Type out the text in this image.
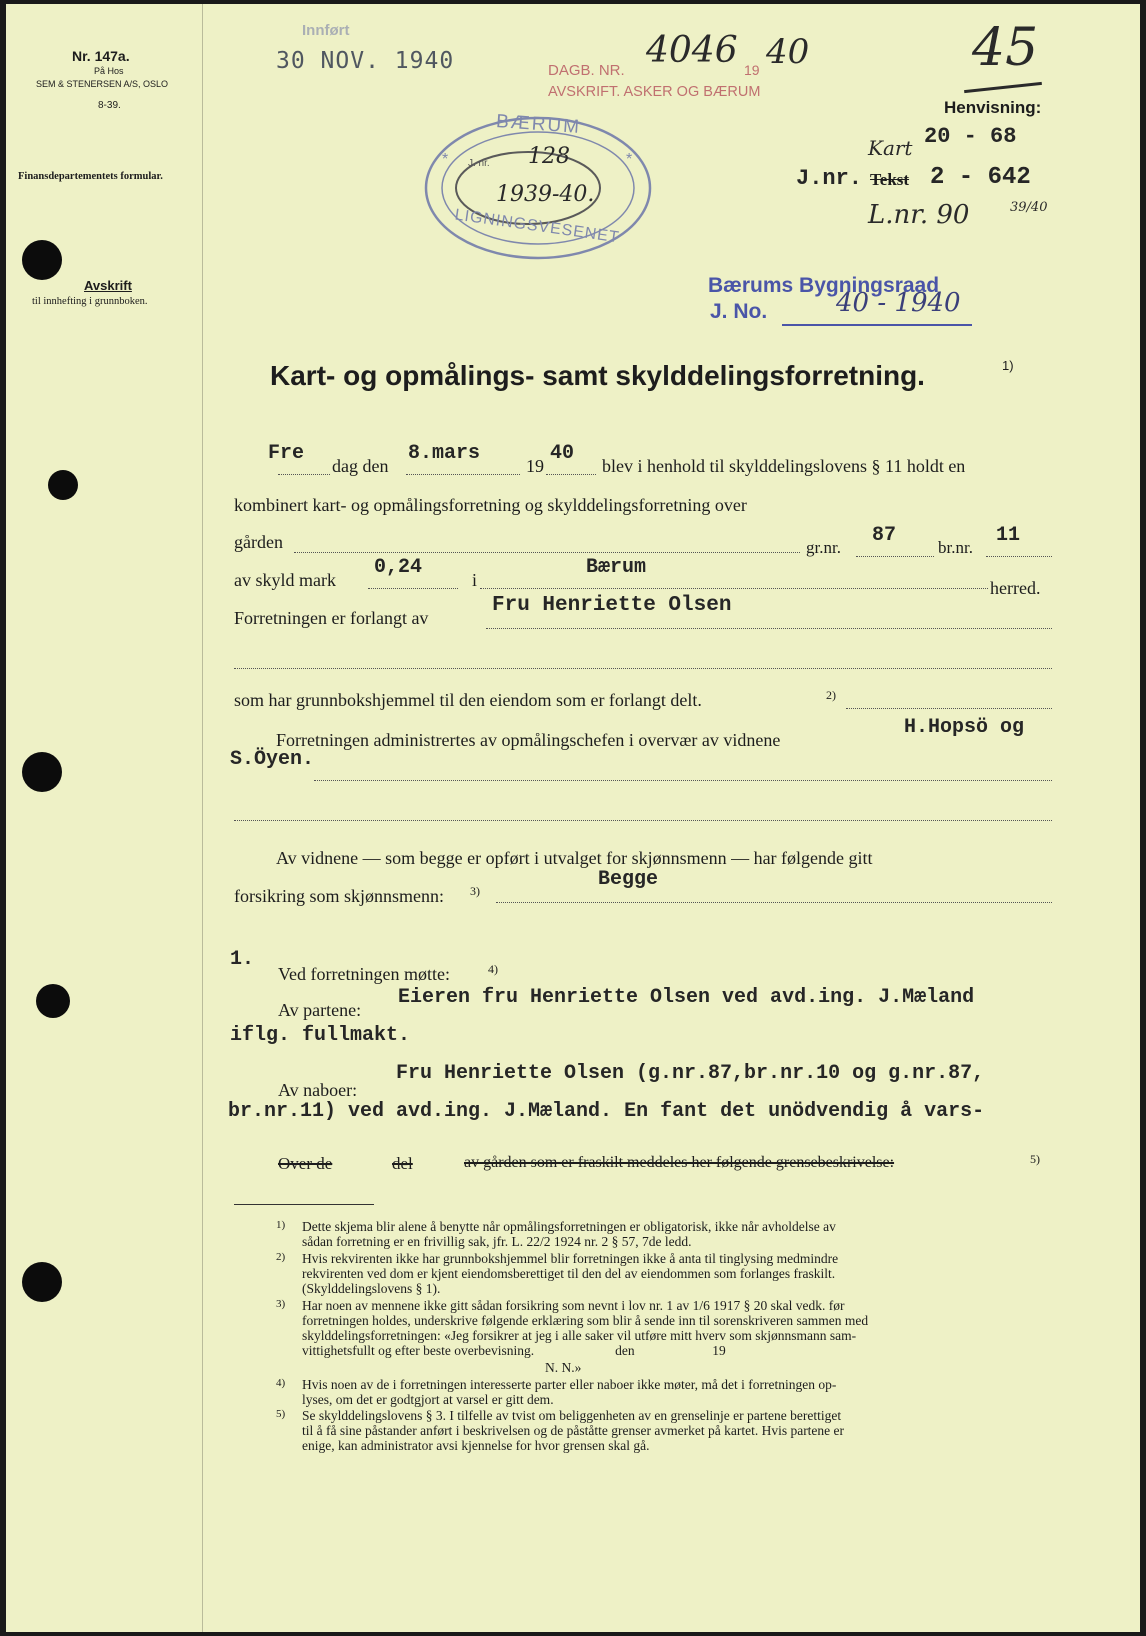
Nr. 147a.
På Hos
SEM & STENERSEN A/S, OSLO
8-39.
Finansdepartementets formular.
Avskrift
til innhefting i grunnboken.
Innført
30 NOV. 1940	DAGB. NR. 4046 19 40
AVSKRIFT. ASKER OG BÆRUM
*	*
BÆRUM
LIGNINGSVESENET
J. nr. 128
1939-40.
45
Henvisning:
Kart 20 - 68
J.nr. Tekst 2 - 642
L.nr. 90	39/40
Bærums Bygningsraad
J. No.	40 - 1940
Kart- og opmålings- samt skylddelingsforretning.	1)
Fre
dag den
8.mars
19
40
blev i henhold til skylddelingslovens § 11 holdt en
kombinert kart- og opmålingsforretning og skylddelingsforretning over
gården	87
gr.nr.
11
br.nr.
av skyld mark
0,24
i
Bærum
herred.
Forretningen er forlangt av
Fru Henriette Olsen
som har grunnbokshjemmel til den eiendom som er forlangt delt.	2)
Forretningen administrertes av opmålingschefen i overvær av vidnene
H.Hopsö og
S.Öyen.
Av vidnene — som begge er opført i utvalget for skjønnsmenn — har følgende gitt
forsikring som skjønnsmenn: 3)	Begge
1.
Ved forretningen møtte:	4)
Av partene:
Eieren fru Henriette Olsen ved avd.ing. J.Mæland
iflg. fullmakt.
Av naboer:
Fru Henriette Olsen (g.nr.87,br.nr.10 og g.nr.87,
br.nr.11) ved avd.ing. J.Mæland. En fant det unödvendig å vars-
Over de	del	av gården som er fraskilt meddeles her følgende grensebeskrivelse:	5)
1) Dette skjema blir alene å benytte når opmålingsforretningen er obligatorisk, ikke når avholdelse av
sådan forretning er en frivillig sak, jfr. L. 22/2 1924 nr. 2 § 57, 7de ledd.
2) Hvis rekvirenten ikke har grunnbokshjemmel blir forretningen ikke å anta til tinglysing medmindre
rekvirenten ved dom er kjent eiendomsberettiget til den del av eiendommen som forlanges fraskilt.
(Skylddelingslovens § 1).
3) Har noen av mennene ikke gitt sådan forsikring som nevnt i lov nr. 1 av 1/6 1917 § 20 skal vedk. før
forretningen holdes, underskrive følgende erklæring som blir å sende inn til sorenskriveren sammen med
skylddelingsforretningen: «Jeg forsikrer at jeg i alle saker vil utføre mitt hverv som skjønnsmann sam-
vittighetsfullt og efter beste overbevisning.                        den                       19
N. N.»
4) Hvis noen av de i forretningen interesserte parter eller naboer ikke møter, må det i forretningen op-
lyses, om det er godtgjort at varsel er gitt dem.
5) Se skylddelingslovens § 3. I tilfelle av tvist om beliggenheten av en grenselinje er partene berettiget
til å få sine påstander anført i beskrivelsen og de påståtte grenser avmerket på kartet. Hvis partene er
enige, kan administrator avsi kjennelse for hvor grensen skal gå.
